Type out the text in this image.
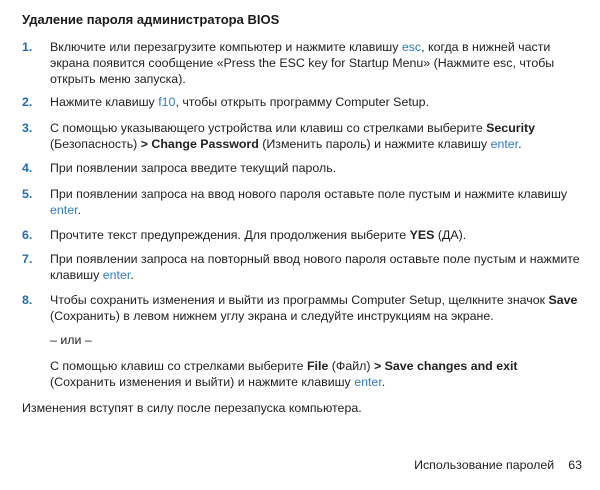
Удаление пароля администратора BIOS
1. Включите или перезагрузите компьютер и нажмите клавишу esc, когда в нижней части экрана появится сообщение «Press the ESC key for Startup Menu» (Нажмите esc, чтобы открыть меню запуска).
2. Нажмите клавишу f10, чтобы открыть программу Computer Setup.
3. С помощью указывающего устройства или клавиш со стрелками выберите Security (Безопасность) > Change Password (Изменить пароль) и нажмите клавишу enter.
4. При появлении запроса введите текущий пароль.
5. При появлении запроса на ввод нового пароля оставьте поле пустым и нажмите клавишу enter.
6. Прочтите текст предупреждения. Для продолжения выберите YES (ДА).
7. При появлении запроса на повторный ввод нового пароля оставьте поле пустым и нажмите клавишу enter.
8. Чтобы сохранить изменения и выйти из программы Computer Setup, щелкните значок Save (Сохранить) в левом нижнем углу экрана и следуйте инструкциям на экране.
– или –
С помощью клавиш со стрелками выберите File (Файл) > Save changes and exit (Сохранить изменения и выйти) и нажмите клавишу enter.
Изменения вступят в силу после перезапуска компьютера.
Использование паролей 63
